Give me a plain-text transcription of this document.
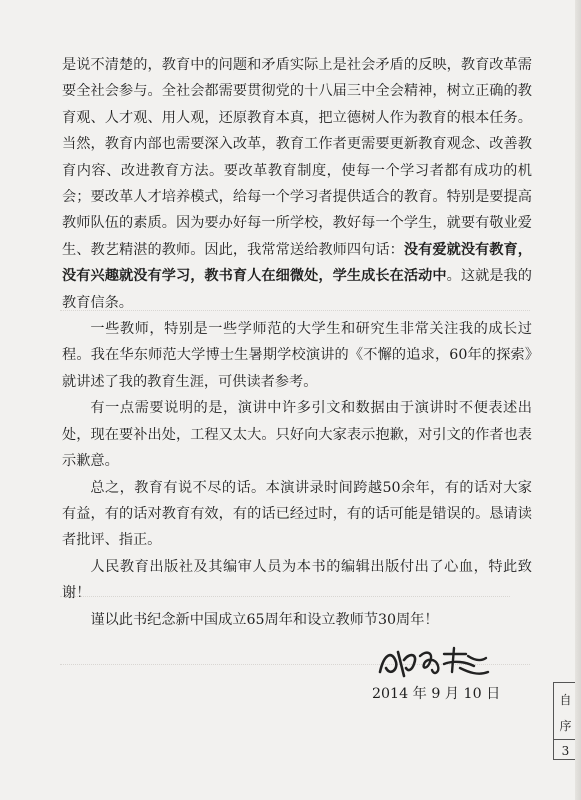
是说不清楚的，教育中的问题和矛盾实际上是社会矛盾的反映，教育改革需要全社会参与。全社会都需要贯彻党的十八届三中全会精神，树立正确的教育观、人才观、用人观，还原教育本真，把立德树人作为教育的根本任务。当然，教育内部也需要深入改革，教育工作者更需要更新教育观念、改善教育内容、改进教育方法。要改革教育制度，使每一个学习者都有成功的机会；要改革人才培养模式，给每一个学习者提供适合的教育。特别是要提高教师队伍的素质。因为要办好每一所学校，教好每一个学生，就要有敬业爱生、教艺精湛的教师。因此，我常常送给教师四句话：没有爱就没有教育，没有兴趣就没有学习，教书育人在细微处，学生成长在活动中。这就是我的教育信条。

一些教师，特别是一些学师范的大学生和研究生非常关注我的成长过程。我在华东师范大学博士生暑期学校演讲的《不懈的追求，60年的探索》就讲述了我的教育生涯，可供读者参考。

有一点需要说明的是，演讲中许多引文和数据由于演讲时不便表述出处，现在要补出处，工程又太大。只好向大家表示抱歉，对引文的作者也表示歉意。

总之，教育有说不尽的话。本演讲录时间跨越50余年，有的话对大家有益，有的话对教育有效，有的话已经过时，有的话可能是错误的。恳请读者批评、指正。

人民教育出版社及其编审人员为本书的编辑出版付出了心血，特此致谢！

谨以此书纪念新中国成立65周年和设立教师节30周年！

2014 年 9 月 10 日	自
序
3
